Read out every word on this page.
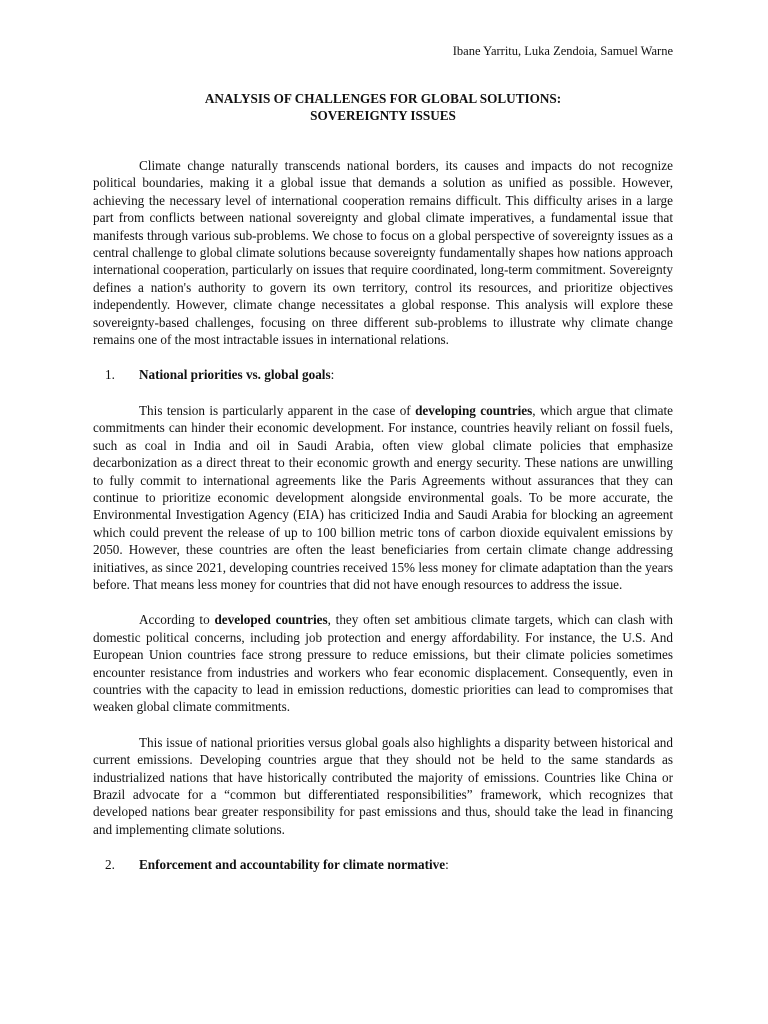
Ibane Yarritu, Luka Zendoia, Samuel Warne
ANALYSIS OF CHALLENGES FOR GLOBAL SOLUTIONS:
SOVEREIGNTY ISSUES

Climate change naturally transcends national borders, its causes and impacts do not recognize political boundaries, making it a global issue that demands a solution as unified as possible. However, achieving the necessary level of international cooperation remains difficult. This difficulty arises in a large part from conflicts between national sovereignty and global climate imperatives, a fundamental issue that manifests through various sub-problems. We chose to focus on a global perspective of sovereignty issues as a central challenge to global climate solutions because sovereignty fundamentally shapes how nations approach international cooperation, particularly on issues that require coordinated, long-term commitment. Sovereignty defines a nation's authority to govern its own territory, control its resources, and prioritize objectives independently. However, climate change necessitates a global response. This analysis will explore these sovereignty-based challenges, focusing on three different sub-problems to illustrate why climate change remains one of the most intractable issues in international relations.

1.	National priorities vs. global goals:

This tension is particularly apparent in the case of developing countries, which argue that climate commitments can hinder their economic development. For instance, countries heavily reliant on fossil fuels, such as coal in India and oil in Saudi Arabia, often view global climate policies that emphasize decarbonization as a direct threat to their economic growth and energy security. These nations are unwilling to fully commit to international agreements like the Paris Agreements without assurances that they can continue to prioritize economic development alongside environmental goals. To be more accurate, the Environmental Investigation Agency (EIA) has criticized India and Saudi Arabia for blocking an agreement which could prevent the release of up to 100 billion metric tons of carbon dioxide equivalent emissions by 2050. However, these countries are often the least beneficiaries from certain climate change addressing initiatives, as since 2021, developing countries received 15% less money for climate adaptation than the years before. That means less money for countries that did not have enough resources to address the issue.

According to developed countries, they often set ambitious climate targets, which can clash with domestic political concerns, including job protection and energy affordability. For instance, the U.S. And European Union countries face strong pressure to reduce emissions, but their climate policies sometimes encounter resistance from industries and workers who fear economic displacement. Consequently, even in countries with the capacity to lead in emission reductions, domestic priorities can lead to compromises that weaken global climate commitments.

This issue of national priorities versus global goals also highlights a disparity between historical and current emissions. Developing countries argue that they should not be held to the same standards as industrialized nations that have historically contributed the majority of emissions. Countries like China or Brazil advocate for a “common but differentiated responsibilities” framework, which recognizes that developed nations bear greater responsibility for past emissions and thus, should take the lead in financing and implementing climate solutions.

2.	Enforcement and accountability for climate normative:
